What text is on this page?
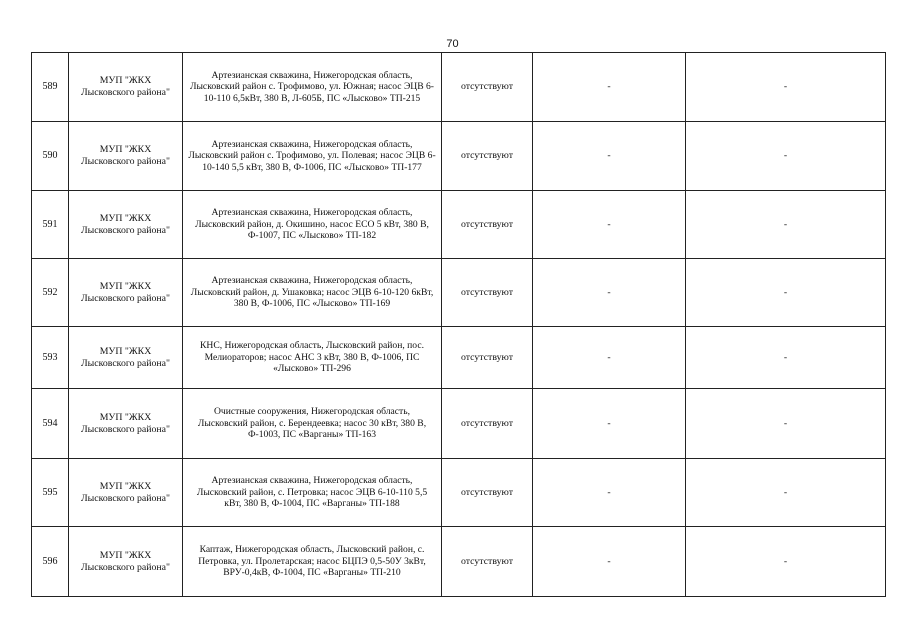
70
589	МУП "ЖКХ Лысковского района"	Артезианская скважина, Нижегородская область, Лысковский район с. Трофимово, ул. Южная; насос ЭЦВ 6-10-110 6,5кВт, 380 В, Л-605Б, ПС «Лысково» ТП-215	отсутствуют	-	-
590	МУП "ЖКХ Лысковского района"	Артезианская скважина, Нижегородская область, Лысковский район с. Трофимово, ул. Полевая; насос ЭЦВ 6-10-140 5,5 кВт, 380 В, Ф-1006, ПС «Лысково» ТП-177	отсутствуют	-	-
591	МУП "ЖКХ Лысковского района"	Артезианская скважина, Нижегородская область, Лысковский район, д. Окишино, насос ЕСО 5 кВт, 380 В, Ф-1007, ПС «Лысково» ТП-182	отсутствуют	-	-
592	МУП "ЖКХ Лысковского района"	Артезианская скважина, Нижегородская область, Лысковский район, д. Ушаковка; насос ЭЦВ 6-10-120 6кВт, 380 В, Ф-1006, ПС «Лысково» ТП-169	отсутствуют	-	-
593	МУП "ЖКХ Лысковского района"	КНС, Нижегородская область, Лысковский район, пос. Мелиораторов; насос АНС 3 кВт, 380 В, Ф-1006, ПС «Лысково» ТП-296	отсутствуют	-	-
594	МУП "ЖКХ Лысковского района"	Очистные сооружения, Нижегородская область, Лысковский район, с. Берендеевка; насос 30 кВт, 380 В, Ф-1003, ПС «Варганы» ТП-163	отсутствуют	-	-
595	МУП "ЖКХ Лысковского района"	Артезианская скважина, Нижегородская область, Лысковский район, с. Петровка; насос ЭЦВ 6-10-110 5,5 кВт, 380 В, Ф-1004, ПС «Варганы» ТП-188	отсутствуют	-	-
596	МУП "ЖКХ Лысковского района"	Каптаж, Нижегородская область, Лысковский район, с. Петровка, ул. Пролетарская; насос БЦПЭ 0,5-50У 3кВт, ВРУ-0,4кВ, Ф-1004, ПС «Варганы» ТП-210	отсутствуют	-	-
